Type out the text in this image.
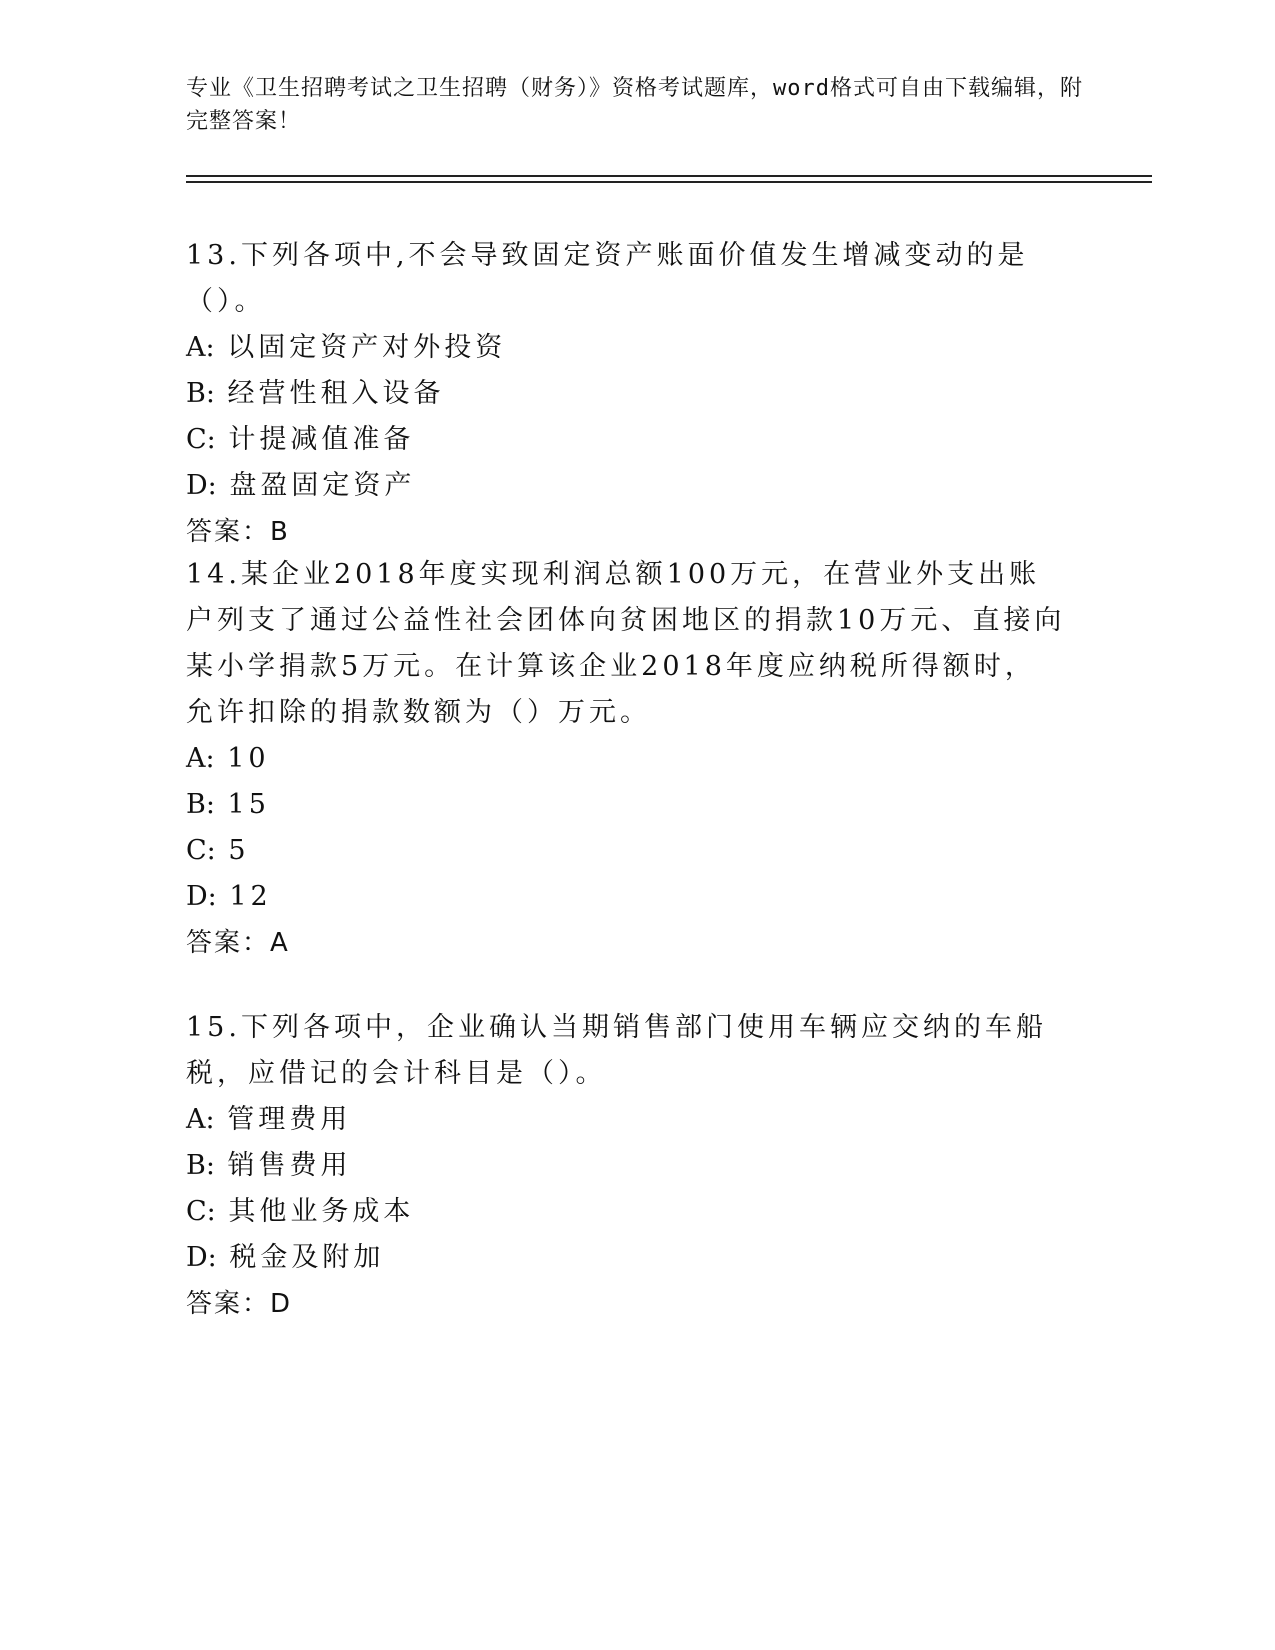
专业《卫生招聘考试之卫生招聘（财务）》资格考试题库，word格式可自由下载编辑，附完整答案！

13.下列各项中,不会导致固定资产账面价值发生增减变动的是（）。

A: 以固定资产对外投资

B: 经营性租入设备

C: 计提减值准备

D: 盘盈固定资产

答案：B

14.某企业2018年度实现利润总额100万元，在营业外支出账户列支了通过公益性社会团体向贫困地区的捐款10万元、直接向某小学捐款5万元。在计算该企业2018年度应纳税所得额时，允许扣除的捐款数额为（）万元。

A: 10

B: 15

C: 5

D: 12

答案：A

15.下列各项中，企业确认当期销售部门使用车辆应交纳的车船税，应借记的会计科目是（）。

A: 管理费用

B: 销售费用

C: 其他业务成本

D: 税金及附加

答案：D
